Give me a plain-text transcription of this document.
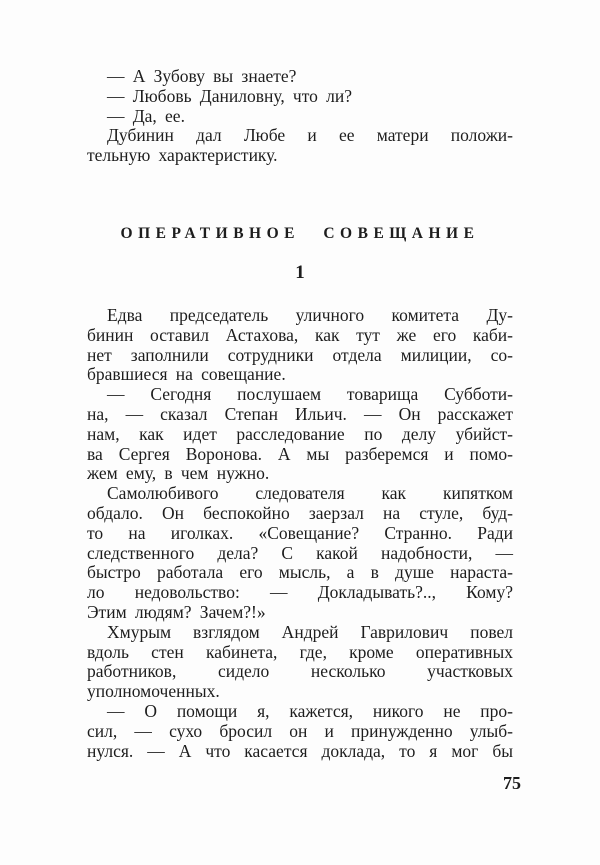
— А Зубову вы знаете?
— Любовь Даниловну, что ли?
— Да, ее.
Дубинин дал Любе и ее матери положи-
тельную характеристику.
ОПЕРАТИВНОЕ СОВЕЩАНИЕ
1
Едва председатель уличного комитета Ду-
бинин оставил Астахова, как тут же его каби-
нет заполнили сотрудники отдела милиции, со-
бравшиеся на совещание.
— Сегодня послушаем товарища Субботи-
на, — сказал Степан Ильич. — Он расскажет
нам, как идет расследование по делу убийст-
ва Сергея Воронова. А мы разберемся и помо-
жем ему, в чем нужно.
Самолюбивого следователя как кипятком
обдало. Он беспокойно заерзал на стуле, буд-
то на иголках. «Совещание? Странно. Ради
следственного дела? С какой надобности, —
быстро работала его мысль, а в душе нараста-
ло недовольство: — Докладывать?.., Кому?
Этим людям? Зачем?!»
Хмурым взглядом Андрей Гаврилович повел
вдоль стен кабинета, где, кроме оперативных
работников, сидело несколько участковых
уполномоченных.
— О помощи я, кажется, никого не про-
сил, — сухо бросил он и принужденно улыб-
нулся. — А что касается доклада, то я мог бы
75
